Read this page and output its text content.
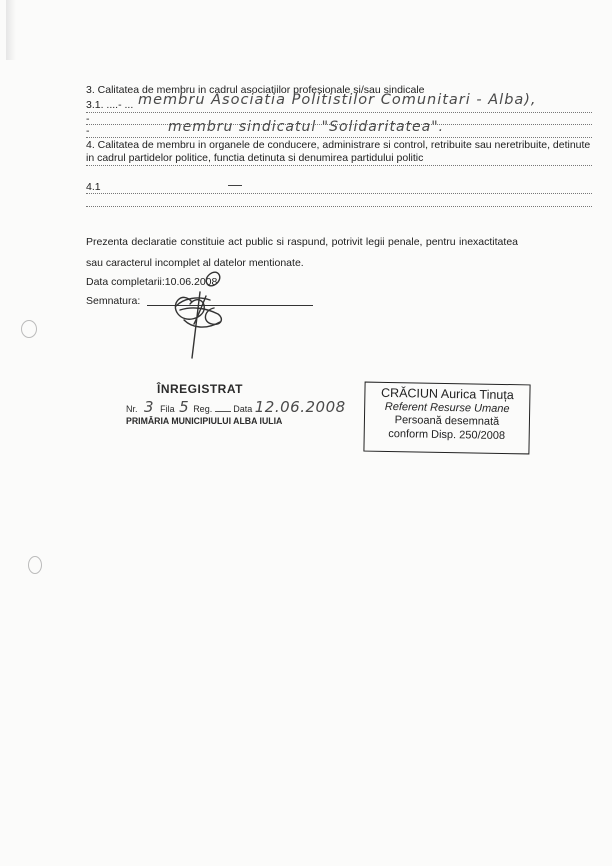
3. Calitatea de membru in cadrul asociatiilor profesionale si/sau sindicale
3.1. ....- ... membru Asociatia Politistilor Comunitari - Alba),
-
-	membru sindicatul "Solidaritatea".
4. Calitatea de membru in organele de conducere, administrare si control, retribuite sau neretribuite, detinute in cadrul partidelor politice, functia detinuta si denumirea partidului politic
4.1	—
Prezenta declaratie constituie act public si raspund, potrivit legii penale, pentru inexactitatea sau caracterul incomplet al datelor mentionate.
Data completarii:10.06.2008
Semnatura:
ÎNREGISTRAT
Nr. 3 Fila 5 Reg. Data 12.06.2008
PRIMĂRIA MUNICIPIULUI ALBA IULIA
CRĂCIUN Aurica Tinuța
Referent Resurse Umane
Persoană desemnată
conform Disp. 250/2008
